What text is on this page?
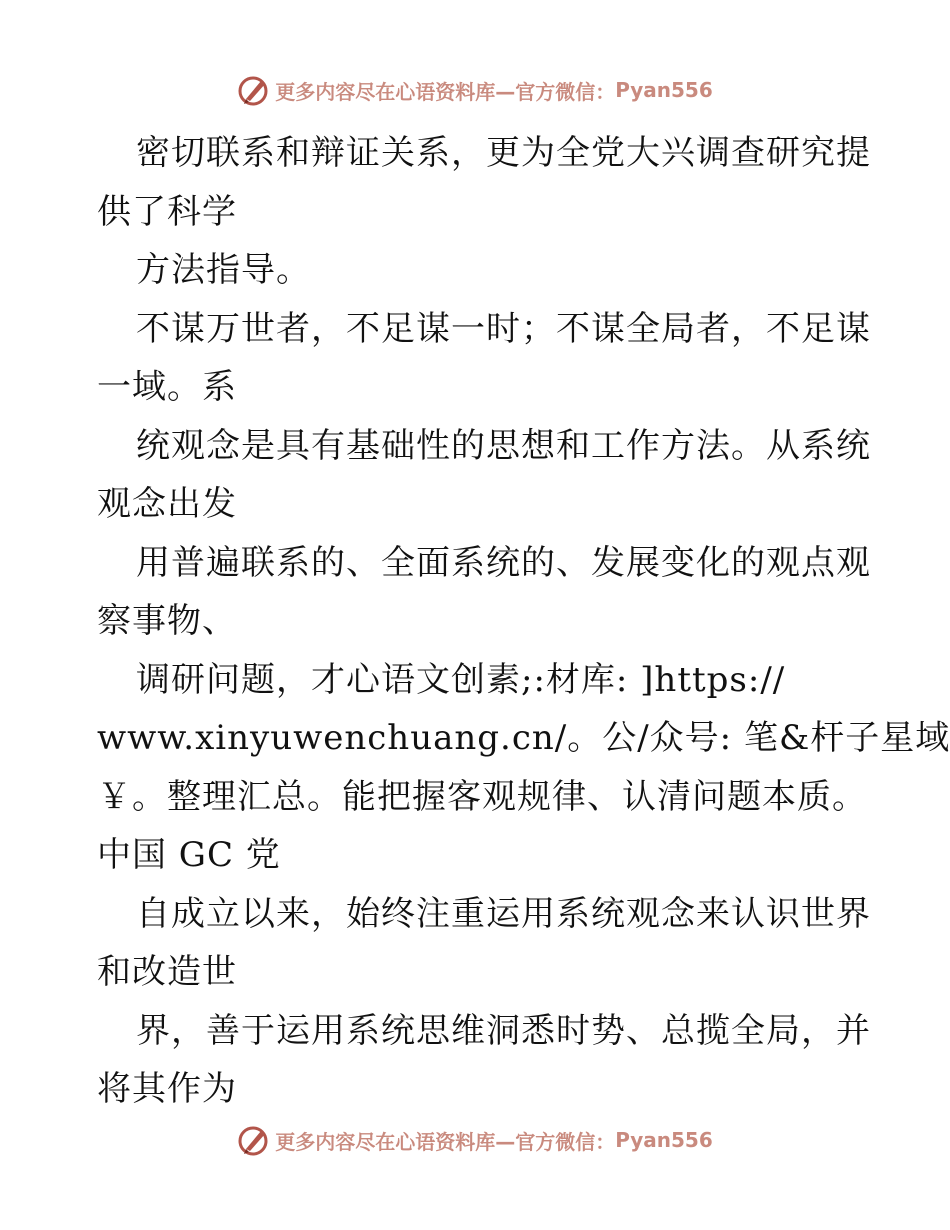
更多内容尽在心语资料库—官方微信： Pyan556
密切联系和辩证关系，更为全党大兴调查研究提
供了科学
方法指导。
不谋万世者，不足谋一时；不谋全局者，不足谋
一域。系
统观念是具有基础性的思想和工作方法。从系统
观念出发
用普遍联系的、全面系统的、发展变化的观点观
察事物、
调研问题，才心语文创素;:材库: ]https://
www.xinyuwenchuang.cn/。公/众号: 笔&杆子星域
￥。整理汇总。能把握客观规律、认清问题本质。
中国 GC 党
自成立以来，始终注重运用系统观念来认识世界
和改造世
界，善于运用系统思维洞悉时势、总揽全局，并
将其作为
更多内容尽在心语资料库—官方微信： Pyan556
